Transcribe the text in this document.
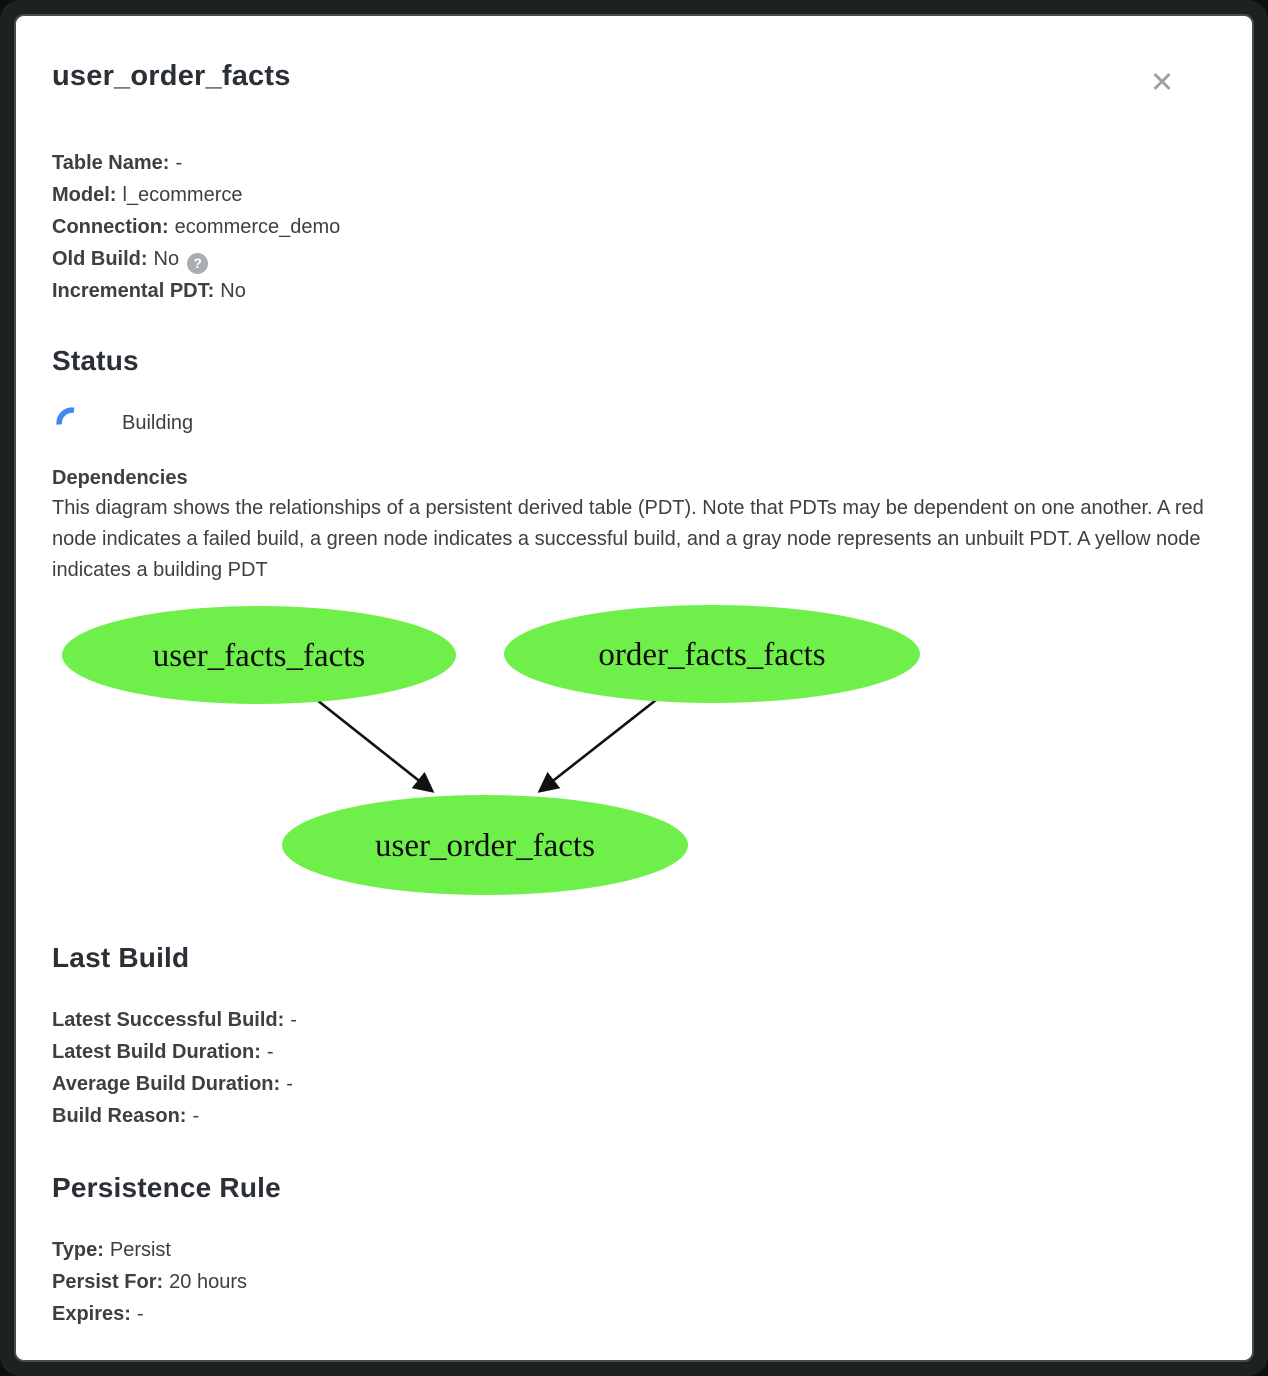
user_order_facts	✕
Table Name: -
Model: l_ecommerce
Connection: ecommerce_demo
Old Build: No ?
Incremental PDT: No
Status
Building
Dependencies
This diagram shows the relationships of a persistent derived table (PDT). Note that PDTs may be dependent on one another. A red node indicates a failed build, a green node indicates a successful build, and a gray node represents an unbuilt PDT. A yellow node indicates a building PDT
user_facts_facts	order_facts_facts
user_order_facts
Last Build
Latest Successful Build: -
Latest Build Duration: -
Average Build Duration: -
Build Reason: -
Persistence Rule
Type: Persist
Persist For: 20 hours
Expires: -
